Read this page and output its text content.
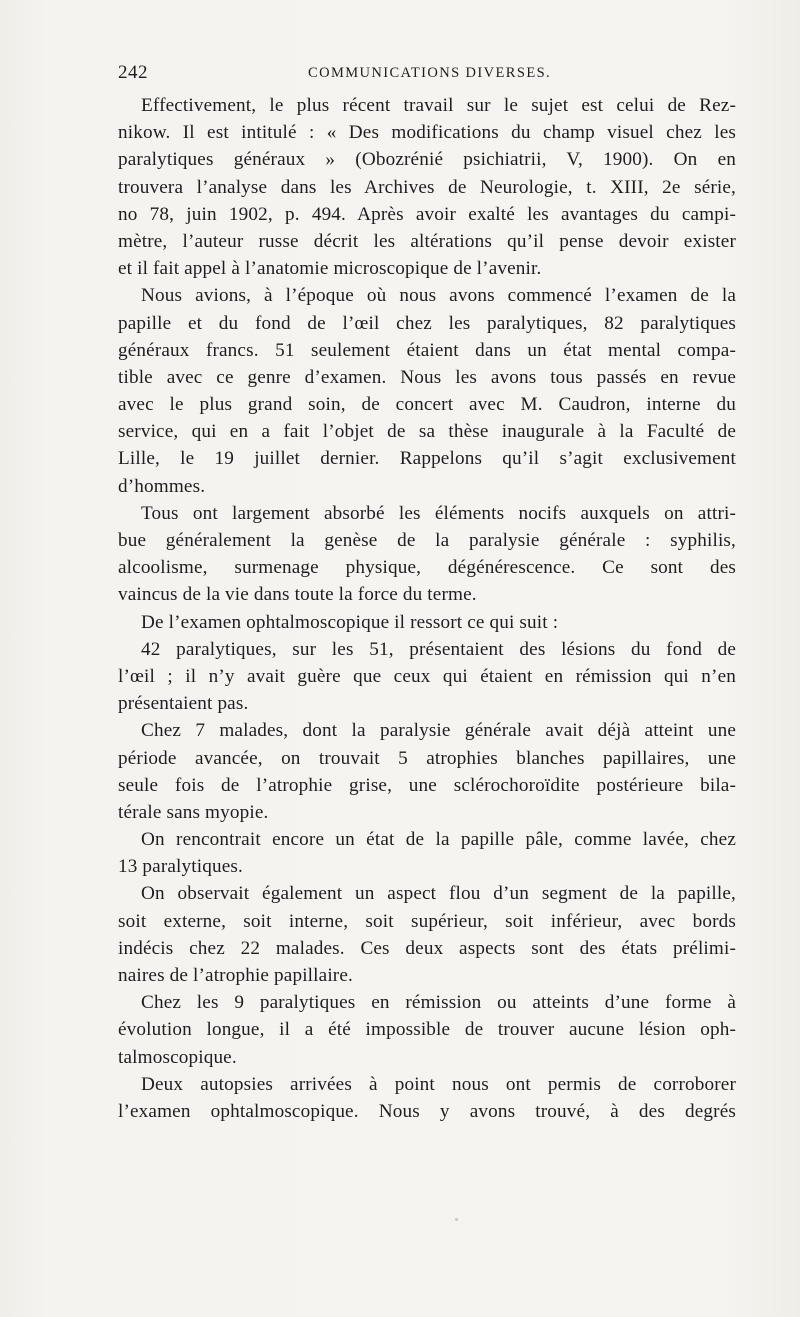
242	COMMUNICATIONS DIVERSES.
Effectivement, le plus récent travail sur le sujet est celui de Rez-
nikow. Il est intitulé : « Des modifications du champ visuel chez les
paralytiques généraux » (Obozrénié psichiatrii, V, 1900). On en
trouvera l’analyse dans les Archives de Neurologie, t. XIII, 2e série,
no 78, juin 1902, p. 494. Après avoir exalté les avantages du campi-
mètre, l’auteur russe décrit les altérations qu’il pense devoir exister
et il fait appel à l’anatomie microscopique de l’avenir.
Nous avions, à l’époque où nous avons commencé l’examen de la
papille et du fond de l’œil chez les paralytiques, 82 paralytiques
généraux francs. 51 seulement étaient dans un état mental compa-
tible avec ce genre d’examen. Nous les avons tous passés en revue
avec le plus grand soin, de concert avec M. Caudron, interne du
service, qui en a fait l’objet de sa thèse inaugurale à la Faculté de
Lille, le 19 juillet dernier. Rappelons qu’il s’agit exclusivement
d’hommes.
Tous ont largement absorbé les éléments nocifs auxquels on attri-
bue généralement la genèse de la paralysie générale : syphilis,
alcoolisme, surmenage physique, dégénérescence. Ce sont des
vaincus de la vie dans toute la force du terme.
De l’examen ophtalmoscopique il ressort ce qui suit :
42 paralytiques, sur les 51, présentaient des lésions du fond de
l’œil ; il n’y avait guère que ceux qui étaient en rémission qui n’en
présentaient pas.
Chez 7 malades, dont la paralysie générale avait déjà atteint une
période avancée, on trouvait 5 atrophies blanches papillaires, une
seule fois de l’atrophie grise, une sclérochoroïdite postérieure bila-
térale sans myopie.
On rencontrait encore un état de la papille pâle, comme lavée, chez
13 paralytiques.
On observait également un aspect flou d’un segment de la papille,
soit externe, soit interne, soit supérieur, soit inférieur, avec bords
indécis chez 22 malades. Ces deux aspects sont des états prélimi-
naires de l’atrophie papillaire.
Chez les 9 paralytiques en rémission ou atteints d’une forme à
évolution longue, il a été impossible de trouver aucune lésion oph-
talmoscopique.
Deux autopsies arrivées à point nous ont permis de corroborer
l’examen ophtalmoscopique. Nous y avons trouvé, à des degrés
